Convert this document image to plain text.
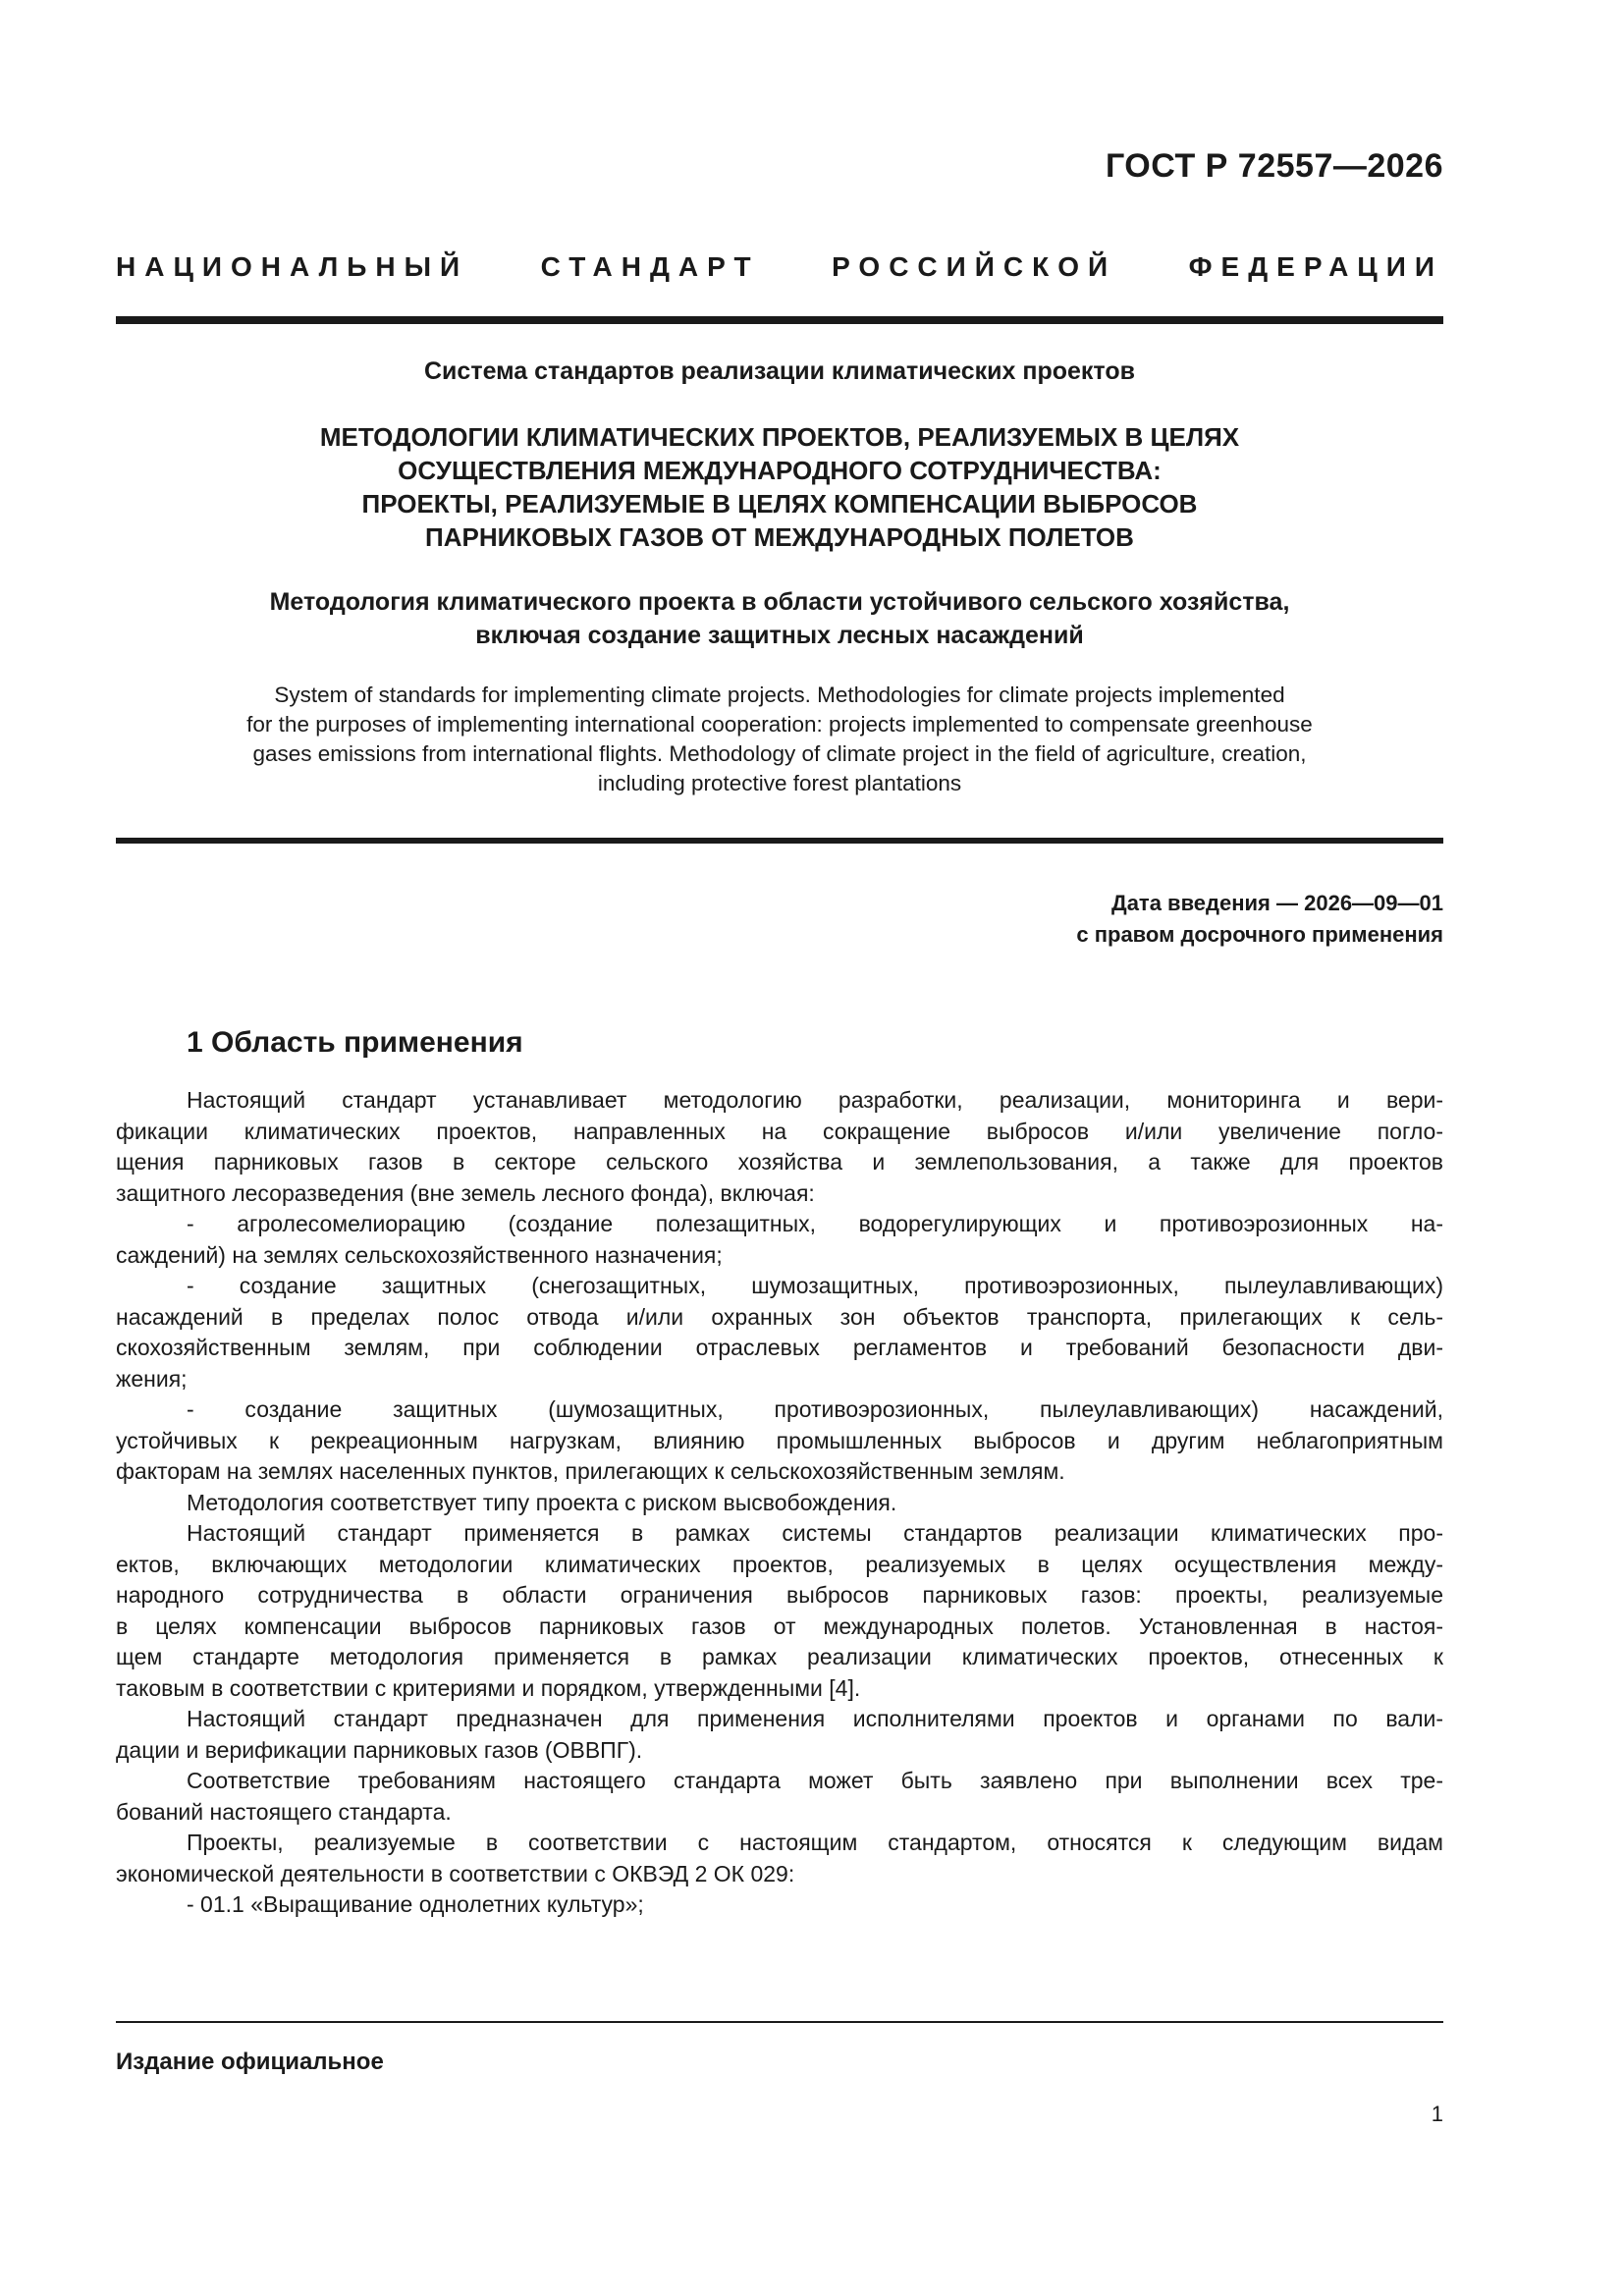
ГОСТ Р 72557—2026
НАЦИОНАЛЬНЫЙ СТАНДАРТ РОССИЙСКОЙ ФЕДЕРАЦИИ
Система стандартов реализации климатических проектов
МЕТОДОЛОГИИ КЛИМАТИЧЕСКИХ ПРОЕКТОВ, РЕАЛИЗУЕМЫХ В ЦЕЛЯХ
ОСУЩЕСТВЛЕНИЯ МЕЖДУНАРОДНОГО СОТРУДНИЧЕСТВА:
ПРОЕКТЫ, РЕАЛИЗУЕМЫЕ В ЦЕЛЯХ КОМПЕНСАЦИИ ВЫБРОСОВ
ПАРНИКОВЫХ ГАЗОВ ОТ МЕЖДУНАРОДНЫХ ПОЛЕТОВ
Методология климатического проекта в области устойчивого сельского хозяйства,
включая создание защитных лесных насаждений
System of standards for implementing climate projects. Methodologies for climate projects implemented
for the purposes of implementing international cooperation: projects implemented to compensate greenhouse
gases emissions from international flights. Methodology of climate project in the field of agriculture, creation,
including protective forest plantations
Дата введения — 2026—09—01
с правом досрочного применения
1 Область применения
Настоящий стандарт устанавливает методологию разработки, реализации, мониторинга и вери-
фикации климатических проектов, направленных на сокращение выбросов и/или увеличение погло-
щения парниковых газов в секторе сельского хозяйства и землепользования, а также для проектов
защитного лесоразведения (вне земель лесного фонда), включая:
- агролесомелиорацию (создание полезащитных, водорегулирующих и противоэрозионных на-
саждений) на землях сельскохозяйственного назначения;
- создание защитных (снегозащитных, шумозащитных, противоэрозионных, пылеулавливающих)
насаждений в пределах полос отвода и/или охранных зон объектов транспорта, прилегающих к сель-
скохозяйственным землям, при соблюдении отраслевых регламентов и требований безопасности дви-
жения;
- создание защитных (шумозащитных, противоэрозионных, пылеулавливающих) насаждений,
устойчивых к рекреационным нагрузкам, влиянию промышленных выбросов и другим неблагоприятным
факторам на землях населенных пунктов, прилегающих к сельскохозяйственным землям.
Методология соответствует типу проекта с риском высвобождения.
Настоящий стандарт применяется в рамках системы стандартов реализации климатических про-
ектов, включающих методологии климатических проектов, реализуемых в целях осуществления между-
народного сотрудничества в области ограничения выбросов парниковых газов: проекты, реализуемые
в целях компенсации выбросов парниковых газов от международных полетов. Установленная в настоя-
щем стандарте методология применяется в рамках реализации климатических проектов, отнесенных к
таковым в соответствии с критериями и порядком, утвержденными [4].
Настоящий стандарт предназначен для применения исполнителями проектов и органами по вали-
дации и верификации парниковых газов (ОВВПГ).
Соответствие требованиям настоящего стандарта может быть заявлено при выполнении всех тре-
бований настоящего стандарта.
Проекты, реализуемые в соответствии с настоящим стандартом, относятся к следующим видам
экономической деятельности в соответствии с ОКВЭД 2 ОК 029:
- 01.1 «Выращивание однолетних культур»;
Издание официальное
1
